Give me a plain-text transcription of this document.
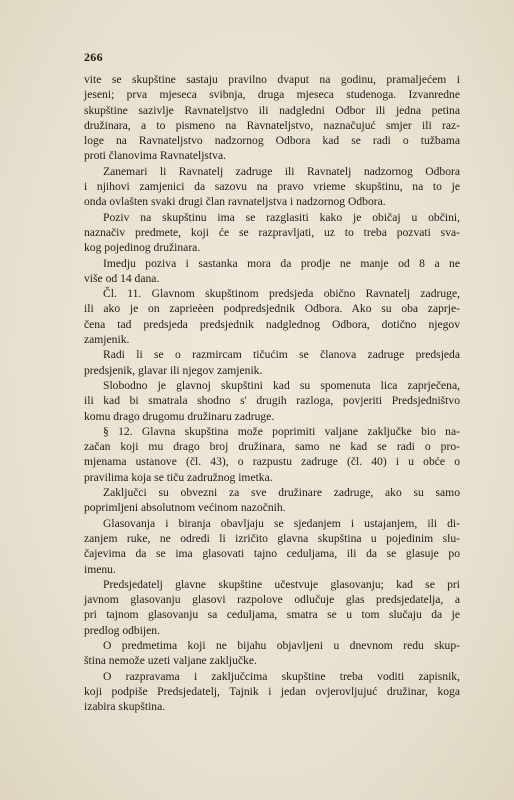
266

vite se skupštine sastaju pravilno dvaput na godinu, pramaljećem i
jeseni; prva mjeseca svibnja, druga mjeseca studenoga. Izvanredne
skupštine sazivlje Ravnateljstvo ili nadgledni Odbor ili jedna petina
družinara, a to pismeno na Ravnateljstvo, naznačujuć smjer ili raz-
loge na Ravnateljstvo nadzornog Odbora kad se radi o tužbama
proti članovima Ravnateljstva.

Zanemari li Ravnatelj zadruge ili Ravnatelj nadzornog Odbora
i njihovi zamjenici da sazovu na pravo vrieme skupštinu, na to je
onda ovlašten svaki drugi član ravnateljstva i nadzornog Odbora.

Poziv na skupštinu ima se razglasiti kako je običaj u občini,
naznačiv predmete, koji će se razpravljati, uz to treba pozvati sva-
kog pojedinog družinara.

Imedju poziva i sastanka mora da prodje ne manje od 8 a ne
više od 14 dana.

Čl. 11. Glavnom skupštinom predsjeda obično Ravnatelj zadruge,
ili ako je on zaprieèen podpredsjednik Odbora. Ako su oba zaprje-
čena tad predsjeda predsjednik nadglednog Odbora, dotično njegov
zamjenik.

Radi li se o razmircam tičućim se članova zadruge predsjeda
predsjenik, glavar ili njegov zamjenik.

Slobodno je glavnoj skupštini kad su spomenuta lica zaprječena,
ili kad bi smatrala shodno s' drugih razloga, povjeriti Predsjedništvo
komu drago drugomu družinaru zadruge.

§ 12. Glavna skupština može poprimiti valjane zaključke bio na-
začan koji mu drago broj družinara, samo ne kad se radi o pro-
mjenama ustanove (čl. 43), o razpustu zadruge (čl. 40) i u obće o
pravilima koja se tiču zadružnog imetka.

Zaključci su obvezni za sve družinare zadruge, ako su samo
poprimljeni absolutnom većinom nazočnih.

Glasovanja i biranja obavljaju se sjedanjem i ustajanjem, ili di-
zanjem ruke, ne odredi li izričito glavna skupština u pojedinim slu-
čajevima da se ima glasovati tajno ceduljama, ili da se glasuje po
imenu.

Predsjedatelj glavne skupštine učestvuje glasovanju; kad se pri
javnom glasovanju glasovi razpolove odlučuje glas predsjedatelja, a
pri tajnom glasovanju sa ceduljama, smatra se u tom slučaju da je
predlog odbijen.

O predmetima koji ne bijahu objavljeni u dnevnom redu skup-
ština nemože uzeti valjane zaključke.

O razpravama i zaključcima skupštine treba voditi zapisnik,
koji podpiše Predsjedatelj, Tajnik i jedan ovjerovljujuć družinar, koga
izabira skupština.
